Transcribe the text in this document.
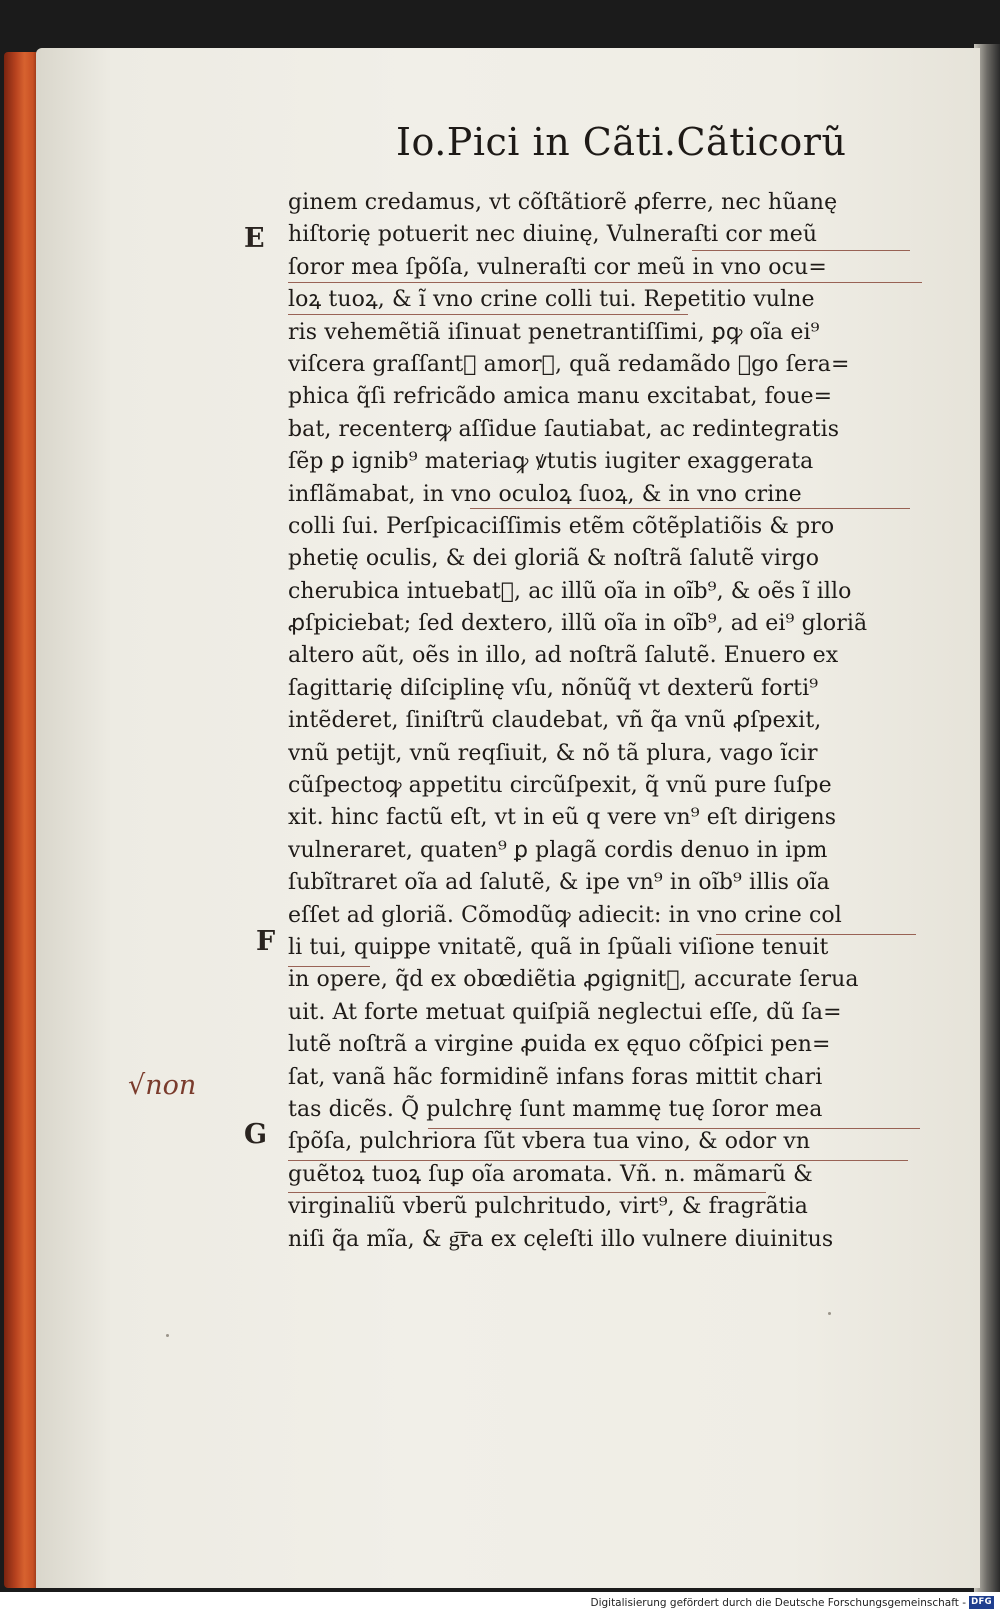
Io.Pici in Cãti.Cãticorũ
E
F
G
√non
ginem credamus, vt cõſtãtiorẽ ꝓferre, nec hũanę
hiſtorię potuerit nec diuinę, Vulneraſti cor meũ
ſoror mea ſpõſa, vulneraſti cor meũ in vno ocu=
loꝝ tuoꝝ, & ĩ vno crine colli tui. Repetitio vulne
ris vehemẽtiã iſinuat penetrantiſſimi, ꝑꝙ oĩa ei⁹
viſcera graſſant᷑ amor᷑, quã redamãdo ꝟgo ſera=
phica q̃ſi refricãdo amica manu excitabat, foue=
bat, recenterꝙ aſſidue ſautiabat, ac redintegratis
ſẽp ꝑ ignib⁹ materiaꝙ ꝟtutis iugiter exaggerata
inflãmabat, in vno oculoꝝ ſuoꝝ, & in vno crine
colli ſui. Perſpicaciſſimis etẽm cõtẽplatiõis & pro
phetię oculis, & dei gloriã & noſtrã ſalutẽ virgo
cherubica intuebat᷑, ac illũ oĩa in oĩb⁹, & oẽs ĩ illo
ꝓſpiciebat; ſed dextero, illũ oĩa in oĩb⁹, ad ei⁹ gloriã
altero aũt, oẽs in illo, ad noſtrã ſalutẽ. Enuero ex
ſagittarię diſciplinę vſu, nõnũq̃ vt dexterũ forti⁹
intẽderet, ſiniſtrũ claudebat, vñ q̃a vnũ ꝓſpexit,
vnũ petijt, vnũ reqſiuit, & nõ tã plura, vago ĩcir
cũſpectoꝙ appetitu circũſpexit, q̃ vnũ pure ſuſpe
xit. hinc factũ eſt, vt in eũ q vere vn⁹ eſt dirigens
vulneraret, quaten⁹ ꝑ plagã cordis denuo in ipm
ſubĩtraret oĩa ad ſalutẽ, & ipe vn⁹ in oĩb⁹ illis oĩa
eſſet ad gloriã. Cõmodũꝙ adiecit: in vno crine col
li tui, quippe vnitatẽ, quã in ſpũali viſione tenuit
in opere, q̃d ex obœdiẽtia ꝓgignit᷑, accurate ſerua
uit. At forte metuat quiſpiã neglectui eſſe, dũ ſa=
lutẽ noſtrã a virgine ꝓuida ex ęquo cõſpici pen=
ſat, vanã hãc formidinẽ infans foras mittit chari
tas dicẽs. Q̃ pulchrę ſunt mammę tuę ſoror mea
ſpõſa, pulchriora ſũt vbera tua vino, & odor vn
guẽtoꝝ tuoꝝ ſuꝑ oĩa aromata. Vñ. n. mãmarũ &
virginaliũ vberũ pulchritudo, virt⁹, & fragrãtia
niſi q̃a mĩa, & g͞ra ex cęleſti illo vulnere diuinitus
Digitalisierung gefördert durch die Deutsche Forschungsgemeinschaft - DFG
